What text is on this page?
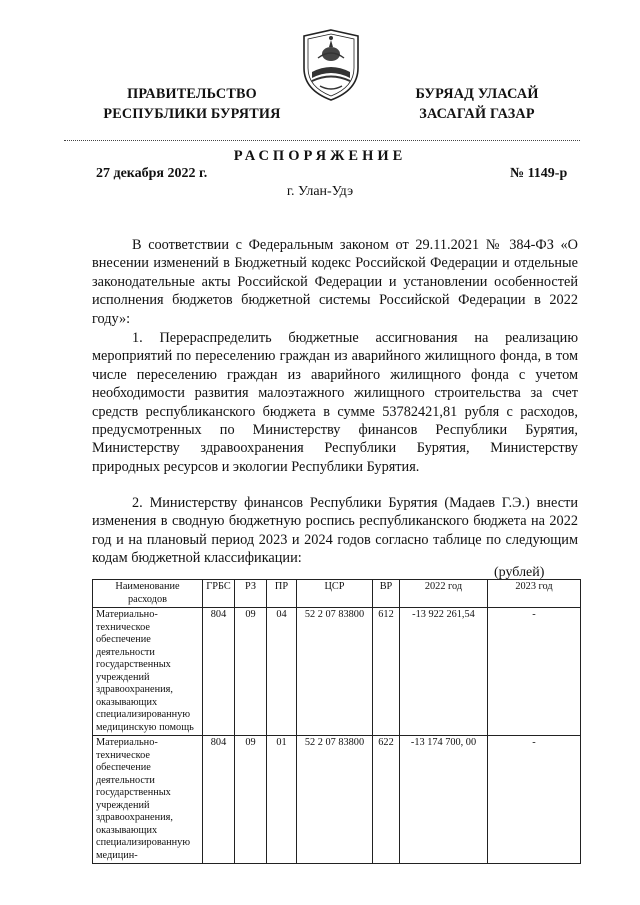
ПРАВИТЕЛЬСТВО
РЕСПУБЛИКИ БУРЯТИЯ
БУРЯАД УЛАСАЙ
ЗАСАГАЙ ГАЗАР
РАСПОРЯЖЕНИЕ
27 декабря 2022 г.	№ 1149-р
г. Улан-Удэ

В соответствии с Федеральным законом от 29.11.2021 № 384-ФЗ «О внесении изменений в Бюджетный кодекс Российской Федерации и отдельные законодательные акты Российской Федерации и установлении особенностей исполнения бюджетов бюджетной системы Российской Федерации в 2022 году»:

1. Перераспределить бюджетные ассигнования на реализацию мероприятий по переселению граждан из аварийного жилищного фонда, в том числе переселению граждан из аварийного жилищного фонда с учетом необходимости развития малоэтажного жилищного строительства за счет средств республиканского бюджета в сумме 53782421,81 рубля с расходов, предусмотренных по Министерству финансов Республики Бурятия, Министерству здравоохранения Республики Бурятия, Министерству природных ресурсов и экологии Республики Бурятия.

2. Министерству финансов Республики Бурятия (Мадаев Г.Э.) внести изменения в сводную бюджетную роспись республиканского бюджета на 2022 год и на плановый период 2023 и 2024 годов согласно таблице по следующим кодам бюджетной классификации:

(рублей)
Наименование расходов	ГРБС	РЗ	ПР	ЦСР	ВР	2022 год	2023 год
Материально-техническое обеспечение деятельности государственных учреждений здравоохранения, оказывающих специализированную медицинскую помощь	804	09	04	52 2 07 83800	612	-13 922 261,54	-
Материально-техническое обеспечение деятельности государственных учреждений здравоохранения, оказывающих специализированную медицин-	804	09	01	52 2 07 83800	622	-13 174 700, 00	-
